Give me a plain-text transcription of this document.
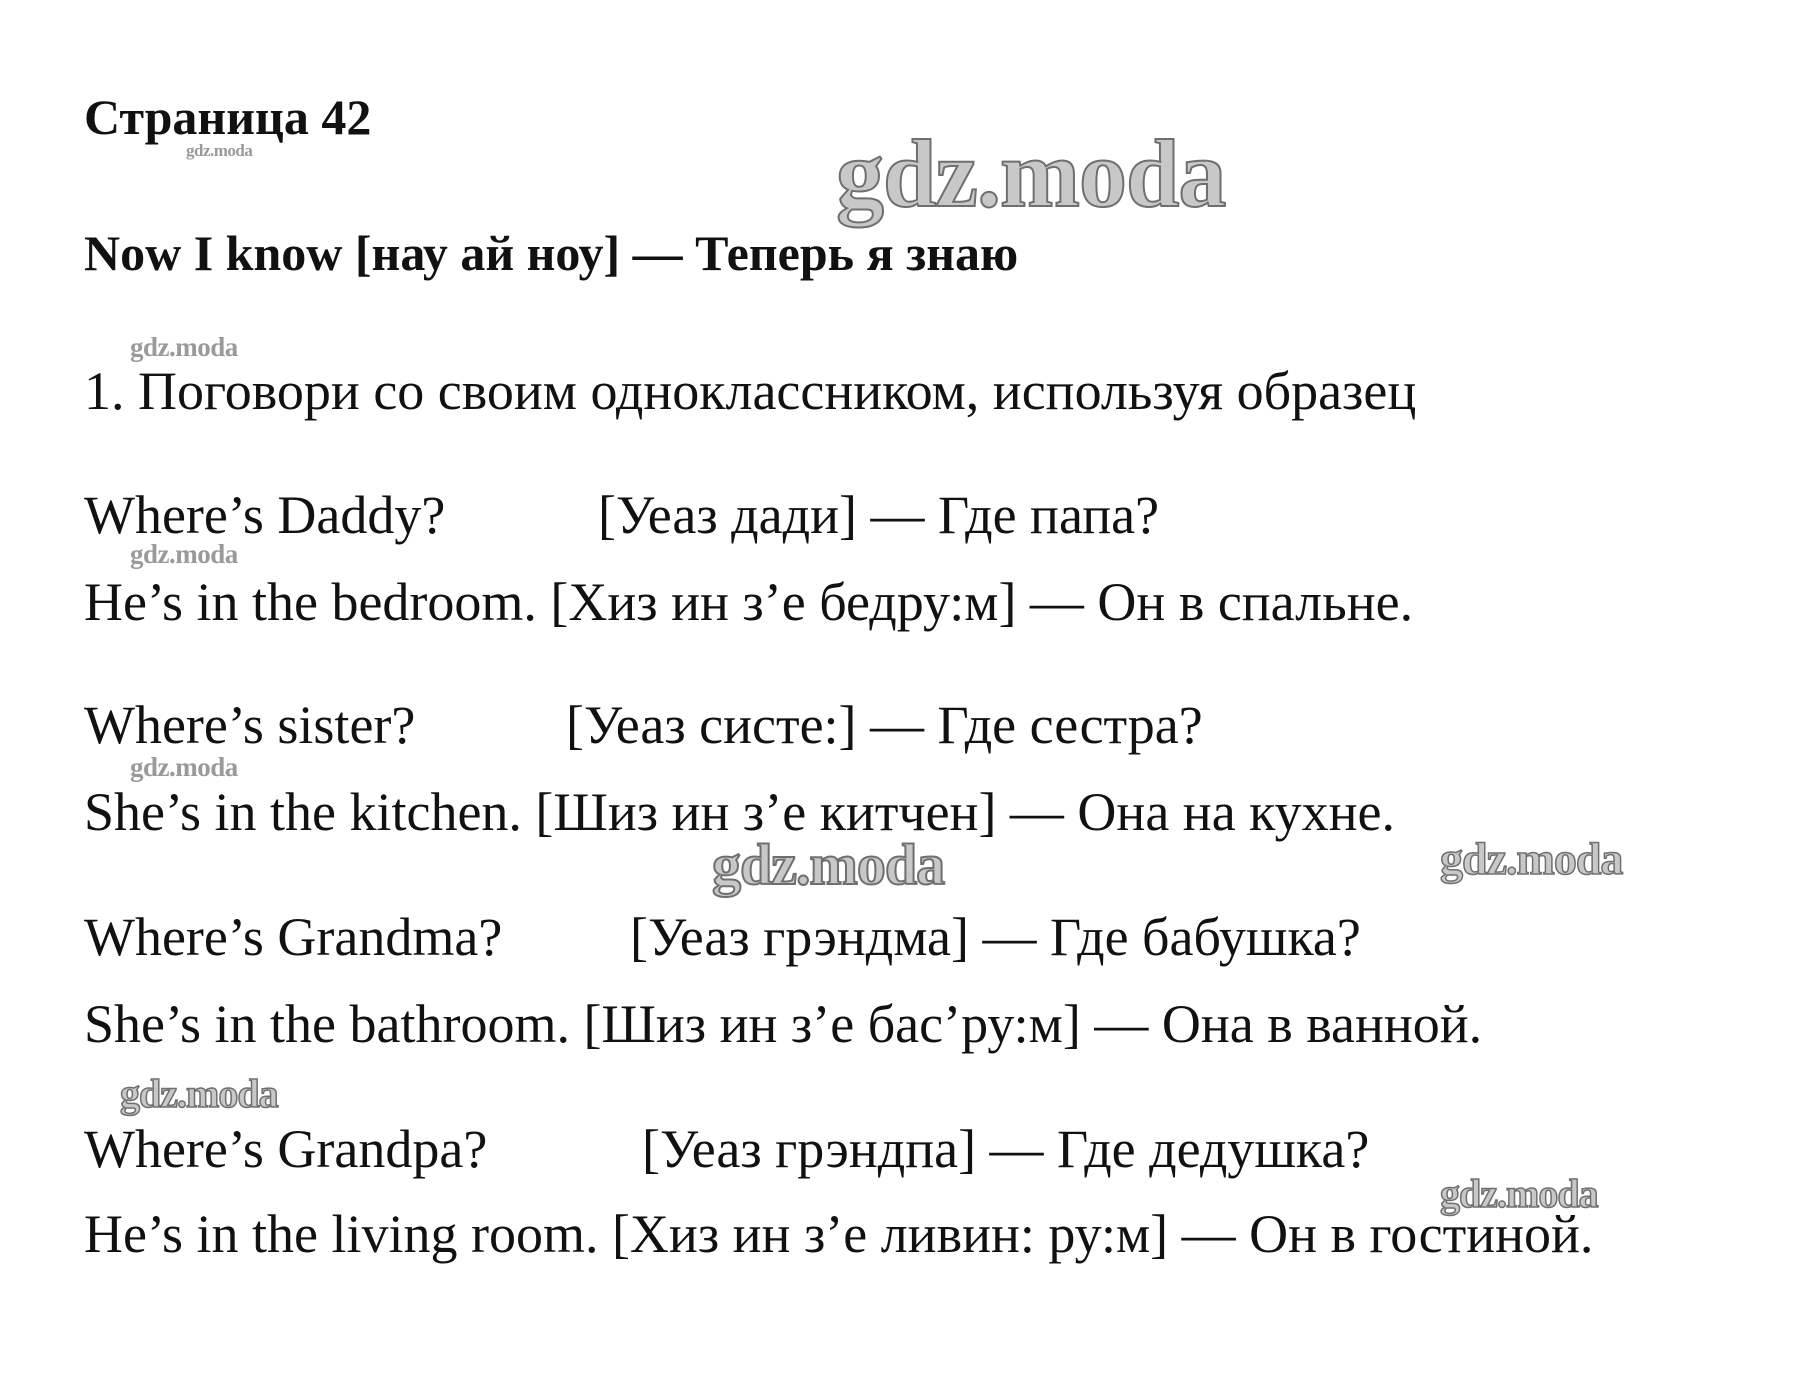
Страница 42
Now I know [нау ай ноу] — Теперь я знаю
1. Поговори со своим одноклассником, используя образец
Where’s Daddy?	[Уеаз дади] — Где папа?
He’s in the bedroom. [Хиз ин з’е бедру:м] — Он в спальне.
Where’s sister?	[Уеаз систе:] — Где сестра?
She’s in the kitchen. [Шиз ин з’е китчен] — Она на кухне.
Where’s Grandma? [Уеаз грэндма] — Где бабушка?
She’s in the bathroom. [Шиз ин з’е бас’ру:м] — Она в ванной.
Where’s Grandpa?	[Уеаз грэндпа] — Где дедушка?
He’s in the living room. [Хиз ин з’е ливин: ру:м] — Он в гостиной.
gdz.moda	gdz.moda
gdz.moda
gdz.moda
gdz.moda
gdz.moda	gdz.moda
gdz.moda
gdz.moda
